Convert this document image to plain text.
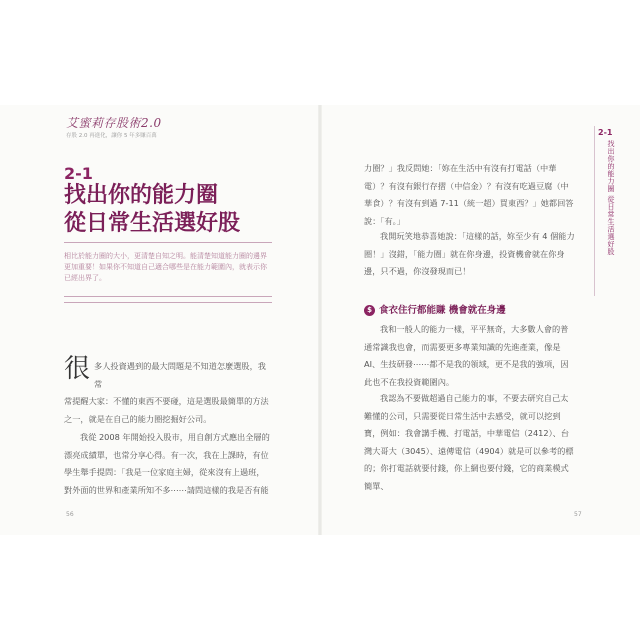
艾蜜莉存股術2.0
存股 2.0 再進化，讓你 5 年多賺百萬
2-1
找出你的能力圈
從日常生活選好股
相比於能力圈的大小，更清楚自知之明。能清楚知道能力圈的邊界更加重要！如果你不知道自己適合哪些是在能力範圍內，就表示你已經出界了。
很 多人投資遇到的最大問題是不知道怎麼選股，我常
常提醒大家：不懂的東西不要碰，這是選股最簡單的方法之一，就是在自己的能力圈挖掘好公司。
我從 2008 年開始投入股市，用自創方式應出全層的漂亮成績單，也常分享心得。有一次，我在上課時，有位學生舉手提問：「我是一位家庭主婦，從來沒有上過班，對外面的世界和產業所知不多⋯⋯請問這樣的我是否有能
56
力圈？」我反問她：「妳在生活中有沒有打電話（中華電）？有沒有銀行存摺（中信金）？有沒有吃過豆腐（中華食）？有沒有到過 7-11（統一超）買東西？」她都回答說：「有。」
我開玩笑地恭喜她說：「這樣的話，妳至少有 4 個能力圈！」沒錯，「能力圈」就在你身邊，投資機會就在你身邊，只不過，你沒發現而已！
$ 食衣住行都能賺 機會就在身邊
我和一般人的能力一樣，平平無奇，大多數人會的普通常識我也會，而需要更多專業知識的先進產業，像是AI、生技研發⋯⋯都不是我的領域，更不是我的強項，因此也不在我投資範圍內。
我認為不要做超過自己能力的事，不要去研究自己太難懂的公司，只需要從日常生活中去感受，就可以挖到寶，例如：我會講手機、打電話，中華電信（2412）、台灣大哥大（3045）、遠傳電信（4904）就是可以參考的標的；你打電話就要付錢，你上網也要付錢，它的商業模式簡單、
2-1
找出你的能力圈 從日常生活選好股
57
